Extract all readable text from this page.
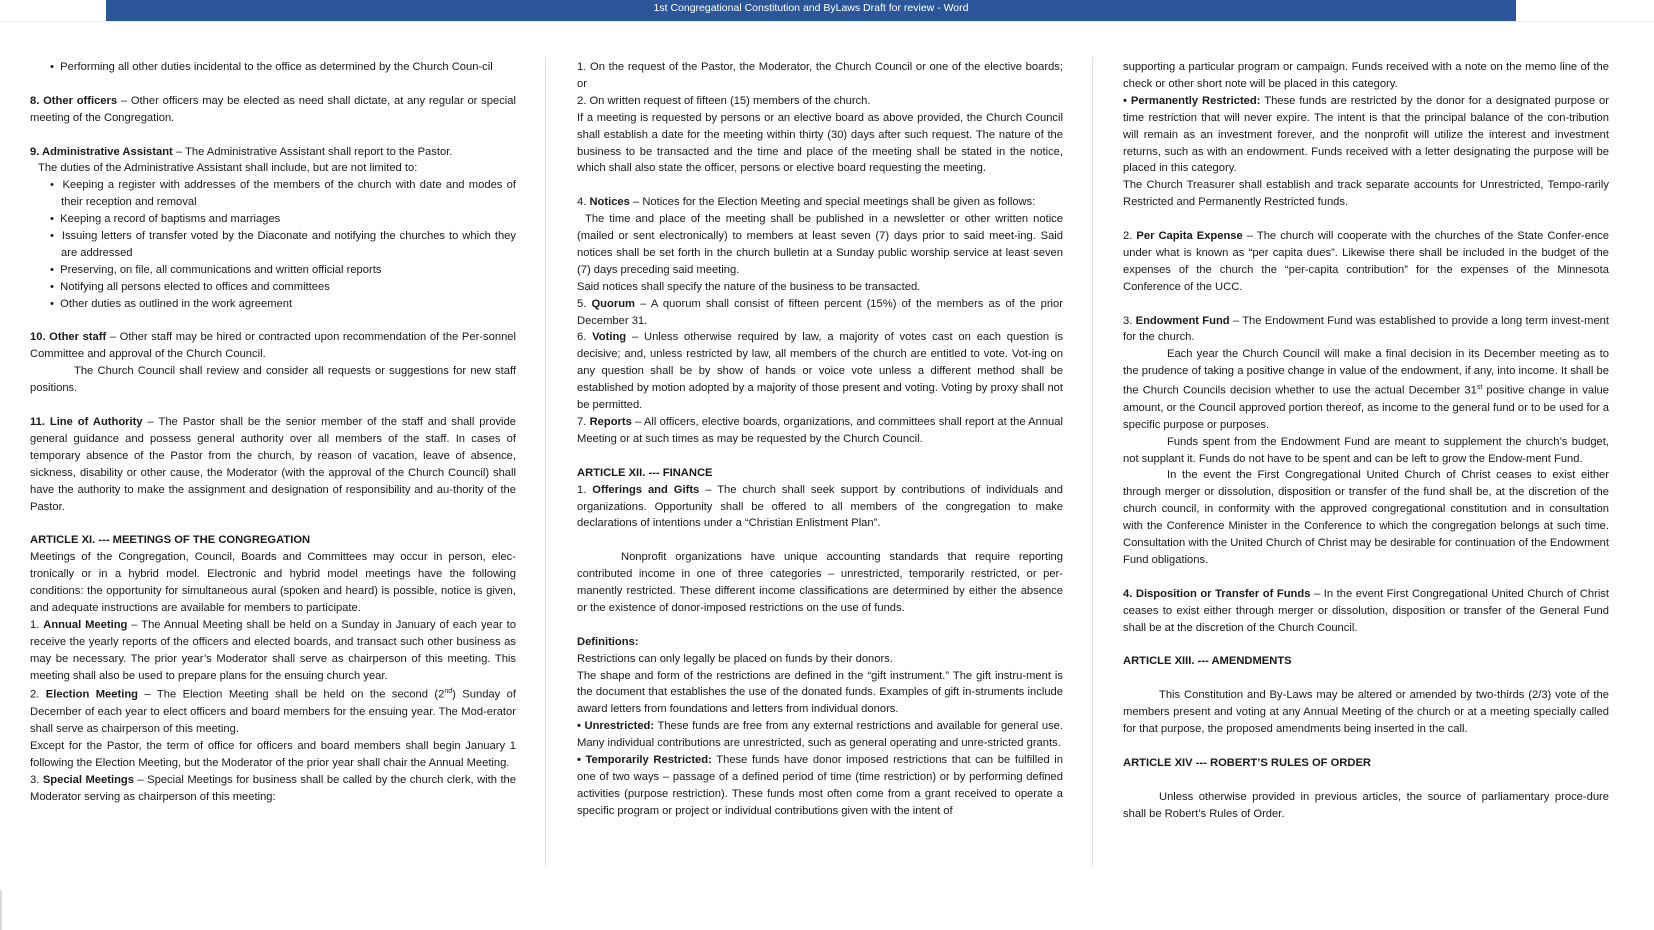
1st Congregational Constitution and ByLaws Draft for review - Word

•  Performing all other duties incidental to the office as determined by the Church Coun-cil

8. Other officers – Other officers may be elected as need shall dictate, at any regular or special meeting of the Congregation.

9. Administrative Assistant – The Administrative Assistant shall report to the Pastor.

The duties of the Administrative Assistant shall include, but are not limited to:

•  Keeping a register with addresses of the members of the church with date and modes of their reception and removal

•  Keeping a record of baptisms and marriages

•  Issuing letters of transfer voted by the Diaconate and notifying the churches to which they are addressed

•  Preserving, on file, all communications and written official reports

•  Notifying all persons elected to offices and committees

•  Other duties as outlined in the work agreement

10. Other staff – Other staff may be hired or contracted upon recommendation of the Per-sonnel Committee and approval of the Church Council.

The Church Council shall review and consider all requests or suggestions for new staff positions.

11. Line of Authority – The Pastor shall be the senior member of the staff and shall provide general guidance and possess general authority over all members of the staff. In cases of temporary absence of the Pastor from the church, by reason of vacation, leave of absence, sickness, disability or other cause, the Moderator (with the approval of the Church Council) shall have the authority to make the assignment and designation of responsibility and au-thority of the Pastor.

ARTICLE XI. --- MEETINGS OF THE CONGREGATION

Meetings of the Congregation, Council, Boards and Committees may occur in person, elec-tronically or in a hybrid model. Electronic and hybrid model meetings have the following conditions: the opportunity for simultaneous aural (spoken and heard) is possible, notice is given, and adequate instructions are available for members to participate.

1. Annual Meeting – The Annual Meeting shall be held on a Sunday in January of each year to receive the yearly reports of the officers and elected boards, and transact such other business as may be necessary. The prior year’s Moderator shall serve as chairperson of this meeting. This meeting shall also be used to prepare plans for the ensuing church year.

2. Election Meeting – The Election Meeting shall be held on the second (2nd) Sunday of December of each year to elect officers and board members for the ensuing year. The Mod-erator shall serve as chairperson of this meeting.

Except for the Pastor, the term of office for officers and board members shall begin January 1 following the Election Meeting, but the Moderator of the prior year shall chair the Annual Meeting.

3. Special Meetings – Special Meetings for business shall be called by the church clerk, with the Moderator serving as chairperson of this meeting:

1. On the request of the Pastor, the Moderator, the Church Council or one of the elective boards; or

2. On written request of fifteen (15) members of the church.

If a meeting is requested by persons or an elective board as above provided, the Church Council shall establish a date for the meeting within thirty (30) days after such request. The nature of the business to be transacted and the time and place of the meeting shall be stated in the notice, which shall also state the officer, persons or elective board requesting the meeting.

4. Notices – Notices for the Election Meeting and special meetings shall be given as follows:

The time and place of the meeting shall be published in a newsletter or other written notice (mailed or sent electronically) to members at least seven (7) days prior to said meet-ing. Said notices shall be set forth in the church bulletin at a Sunday public worship service at least seven (7) days preceding said meeting.

Said notices shall specify the nature of the business to be transacted.

5. Quorum – A quorum shall consist of fifteen percent (15%) of the members as of the prior December 31.

6. Voting – Unless otherwise required by law, a majority of votes cast on each question is decisive; and, unless restricted by law, all members of the church are entitled to vote. Vot-ing on any question shall be by show of hands or voice vote unless a different method shall be established by motion adopted by a majority of those present and voting. Voting by proxy shall not be permitted.

7. Reports – All officers, elective boards, organizations, and committees shall report at the Annual Meeting or at such times as may be requested by the Church Council.

ARTICLE XII. --- FINANCE

1. Offerings and Gifts – The church shall seek support by contributions of individuals and organizations. Opportunity shall be offered to all members of the congregation to make declarations of intentions under a “Christian Enlistment Plan”.

Nonprofit organizations have unique accounting standards that require reporting contributed income in one of three categories – unrestricted, temporarily restricted, or per-manently restricted. These different income classifications are determined by either the absence or the existence of donor-imposed restrictions on the use of funds.

Definitions:

Restrictions can only legally be placed on funds by their donors.

The shape and form of the restrictions are defined in the “gift instrument.” The gift instru-ment is the document that establishes the use of the donated funds. Examples of gift in-struments include award letters from foundations and letters from individual donors.

• Unrestricted: These funds are free from any external restrictions and available for general use. Many individual contributions are unrestricted, such as general operating and unre-stricted grants.

• Temporarily Restricted: These funds have donor imposed restrictions that can be fulfilled in one of two ways – passage of a defined period of time (time restriction) or by performing defined activities (purpose restriction). These funds most often come from a grant received to operate a specific program or project or individual contributions given with the intent of

supporting a particular program or campaign. Funds received with a note on the memo line of the check or other short note will be placed in this category.

• Permanently Restricted: These funds are restricted by the donor for a designated purpose or time restriction that will never expire. The intent is that the principal balance of the con-tribution will remain as an investment forever, and the nonprofit will utilize the interest and investment returns, such as with an endowment. Funds received with a letter designating the purpose will be placed in this category.

The Church Treasurer shall establish and track separate accounts for Unrestricted, Tempo-rarily Restricted and Permanently Restricted funds.

2. Per Capita Expense – The church will cooperate with the churches of the State Confer-ence under what is known as “per capita dues”. Likewise there shall be included in the budget of the expenses of the church the “per-capita contribution” for the expenses of the Minnesota Conference of the UCC.

3. Endowment Fund – The Endowment Fund was established to provide a long term invest-ment for the church.

Each year the Church Council will make a final decision in its December meeting as to the prudence of taking a positive change in value of the endowment, if any, into income. It shall be the Church Councils decision whether to use the actual December 31st positive change in value amount, or the Council approved portion thereof, as income to the general fund or to be used for a specific purpose or purposes.

Funds spent from the Endowment Fund are meant to supplement the church’s budget, not supplant it. Funds do not have to be spent and can be left to grow the Endow-ment Fund.

In the event the First Congregational United Church of Christ ceases to exist either through merger or dissolution, disposition or transfer of the fund shall be, at the discretion of the church council, in conformity with the approved congregational constitution and in consultation with the Conference Minister in the Conference to which the congregation belongs at such time. Consultation with the United Church of Christ may be desirable for continuation of the Endowment Fund obligations.

4. Disposition or Transfer of Funds – In the event First Congregational United Church of Christ ceases to exist either through merger or dissolution, disposition or transfer of the General Fund shall be at the discretion of the Church Council.

ARTICLE XIII. --- AMENDMENTS

This Constitution and By-Laws may be altered or amended by two-thirds (2/3) vote of the members present and voting at any Annual Meeting of the church or at a meeting specially called for that purpose, the proposed amendments being inserted in the call.

ARTICLE XIV --- ROBERT’S RULES OF ORDER

Unless otherwise provided in previous articles, the source of parliamentary proce-dure shall be Robert’s Rules of Order.
